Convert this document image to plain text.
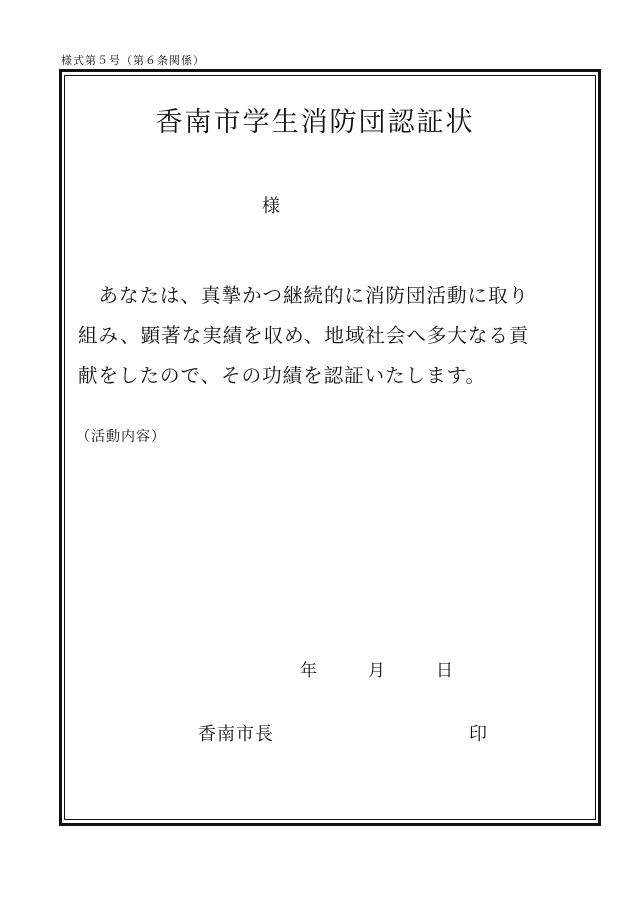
様式第５号（第６条関係）
香南市学生消防団認証状
様
　あなたは、真摯かつ継続的に消防団活動に取り
組み、顕著な実績を収め、地域社会へ多大なる貢
献をしたので、その功績を認証いたします。
（活動内容）
年	月	日
香南市長	印
